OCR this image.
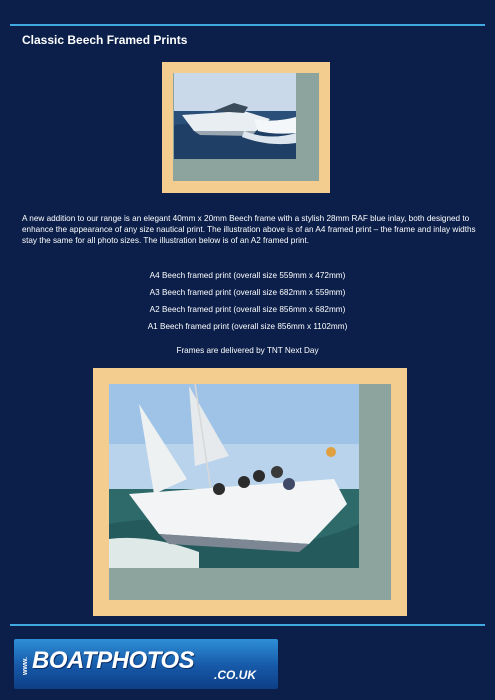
Classic Beech Framed Prints
A new addition to our range is an elegant 40mm x 20mm Beech frame with a stylish 28mm RAF blue inlay, both designed to enhance the appearance of any size nautical print. The illustration above is of an A4 framed print – the frame and inlay widths stay the same for all photo sizes. The illustration below is of an A2 framed print.
A4 Beech framed print (overall size 559mm x 472mm)
A3 Beech framed print (overall size 682mm x 559mm)
A2 Beech framed print (overall size 856mm x 682mm)
A1 Beech framed print (overall size 856mm x 1102mm)
Frames are delivered by TNT Next Day
www. BOATPHOTOS
.CO.UK
